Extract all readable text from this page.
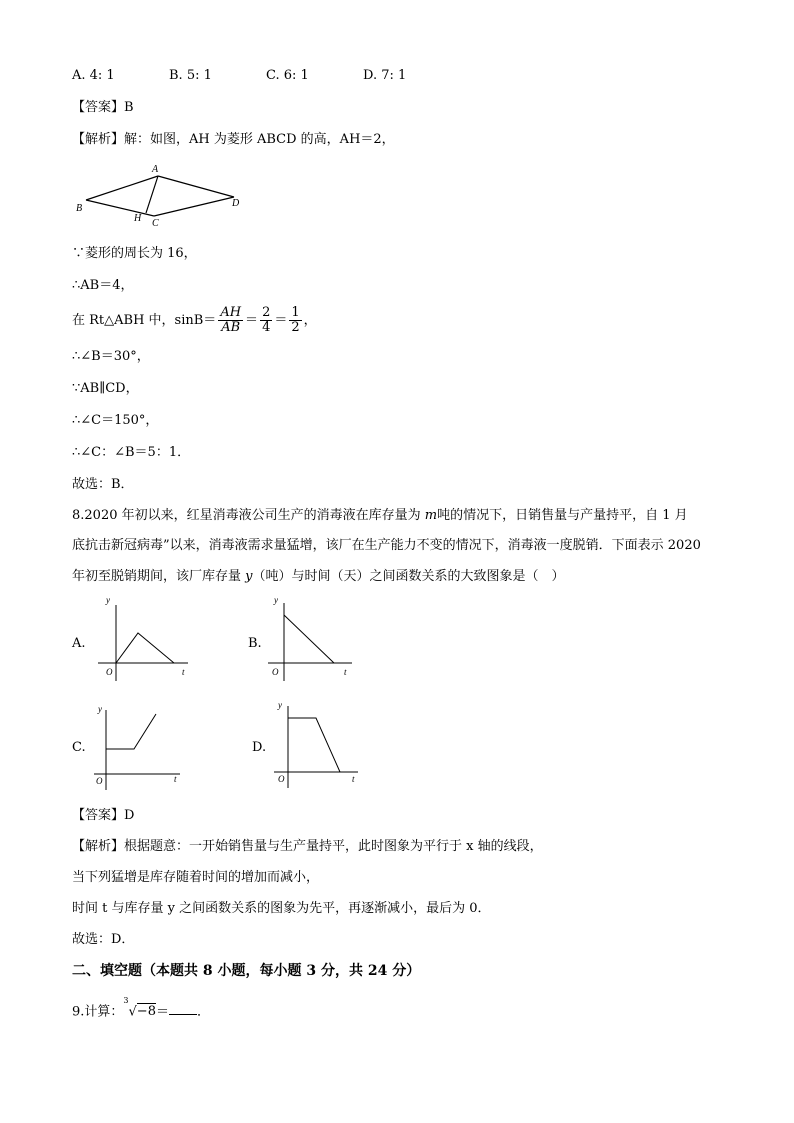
A. 4: 1	B. 5: 1	C. 6: 1	D. 7: 1
【答案】B
【解析】解：如图，AH 为菱形 ABCD 的高，AH＝2，
A
B
H C
D
∵菱形的周长为 16，
∴AB＝4，
在 Rt△ABH 中，$\sin B= \frac{AH}{AB} = \frac{2}{4} = \frac{1}{2}$ ，
∴∠B＝30°，
∵AB∥CD，
∴∠C＝150°，
∴∠C：∠B＝5：1．
故选：B．
8.2020 年初以来，红星消毒液公司生产的消毒液在库存量为 m吨的情况下，日销售量与产量持平，自 1 月
底抗击新冠病毒”以来，消毒液需求量猛增，该厂在生产能力不变的情况下，消毒液一度脱销．下面表示 2020
年初至脱销期间，该厂库存量 y（吨）与时间（天）之间函数关系的大致图象是（　）
A.
y
t
O
B.
y
t
O
C.
y
t
O
D.
y
t
O
【答案】D
【解析】根据题意：一开始销售量与生产量持平，此时图象为平行于 x 轴的线段，
当下列猛增是库存随着时间的增加而减小，
时间 t 与库存量 y 之间函数关系的图象为先平，再逐渐减小，最后为 0．
故选：D．
二、填空题（本题共 8 小题，每小题 3 分，共 24 分）
9.计算：$^3$√−8＝ ．
